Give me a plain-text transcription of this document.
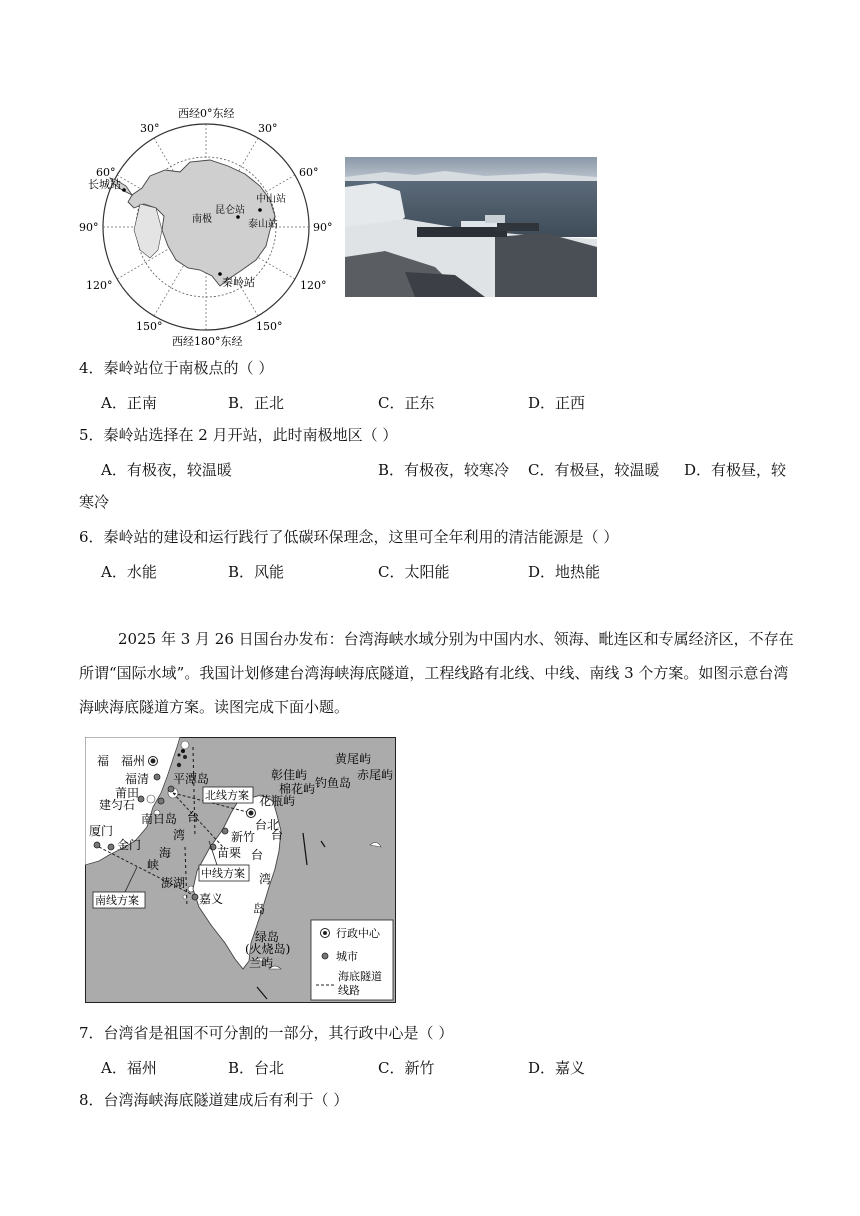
西经0°东经
30°	30°
60°	60°
90°	90°
120°	120°
150°	150°
西经180°东经
长城站
昆仑站
中山站
泰山站
南极
秦岭站
4．秦岭站位于南极点的（ ）
A．正南	B．正北	C．正东	D．正西
5．秦岭站选择在 2 月开站，此时南极地区（ ）
A．有极夜，较温暖	B．有极夜，较寒冷 C．有极昼，较温暖 D．有极昼，较
寒冷
6．秦岭站的建设和运行践行了低碳环保理念，这里可全年利用的清洁能源是（ ）
A．水能	B．风能	C．太阳能	D．地热能
2025 年 3 月 26 日国台办发布：台湾海峡水域分别为中国内水、领海、毗连区和专属经济区，不存在
所谓“国际水域”。我国计划修建台湾海峡海底隧道，工程线路有北线、中线、南线 3 个方案。如图示意台湾
海峡海底隧道方案。读图完成下面小题。
福 福州
福清 平潭岛
莆田
建匀石
南日岛
厦门
金门
澎湖
嘉义
台北
新竹
苗栗
黄尾屿
赤尾屿
彰佳屿
钓鱼岛
棉花屿
花瓶屿
绿岛
(火烧岛)
兰屿
台
湾
海
峡
台
台
湾
岛
北线方案
中线方案
南线方案
行政中心
城市
海底隧道
线路
7．台湾省是祖国不可分割的一部分，其行政中心是（ ）
A．福州	B．台北	C．新竹	D．嘉义
8．台湾海峡海底隧道建成后有利于（ ）
